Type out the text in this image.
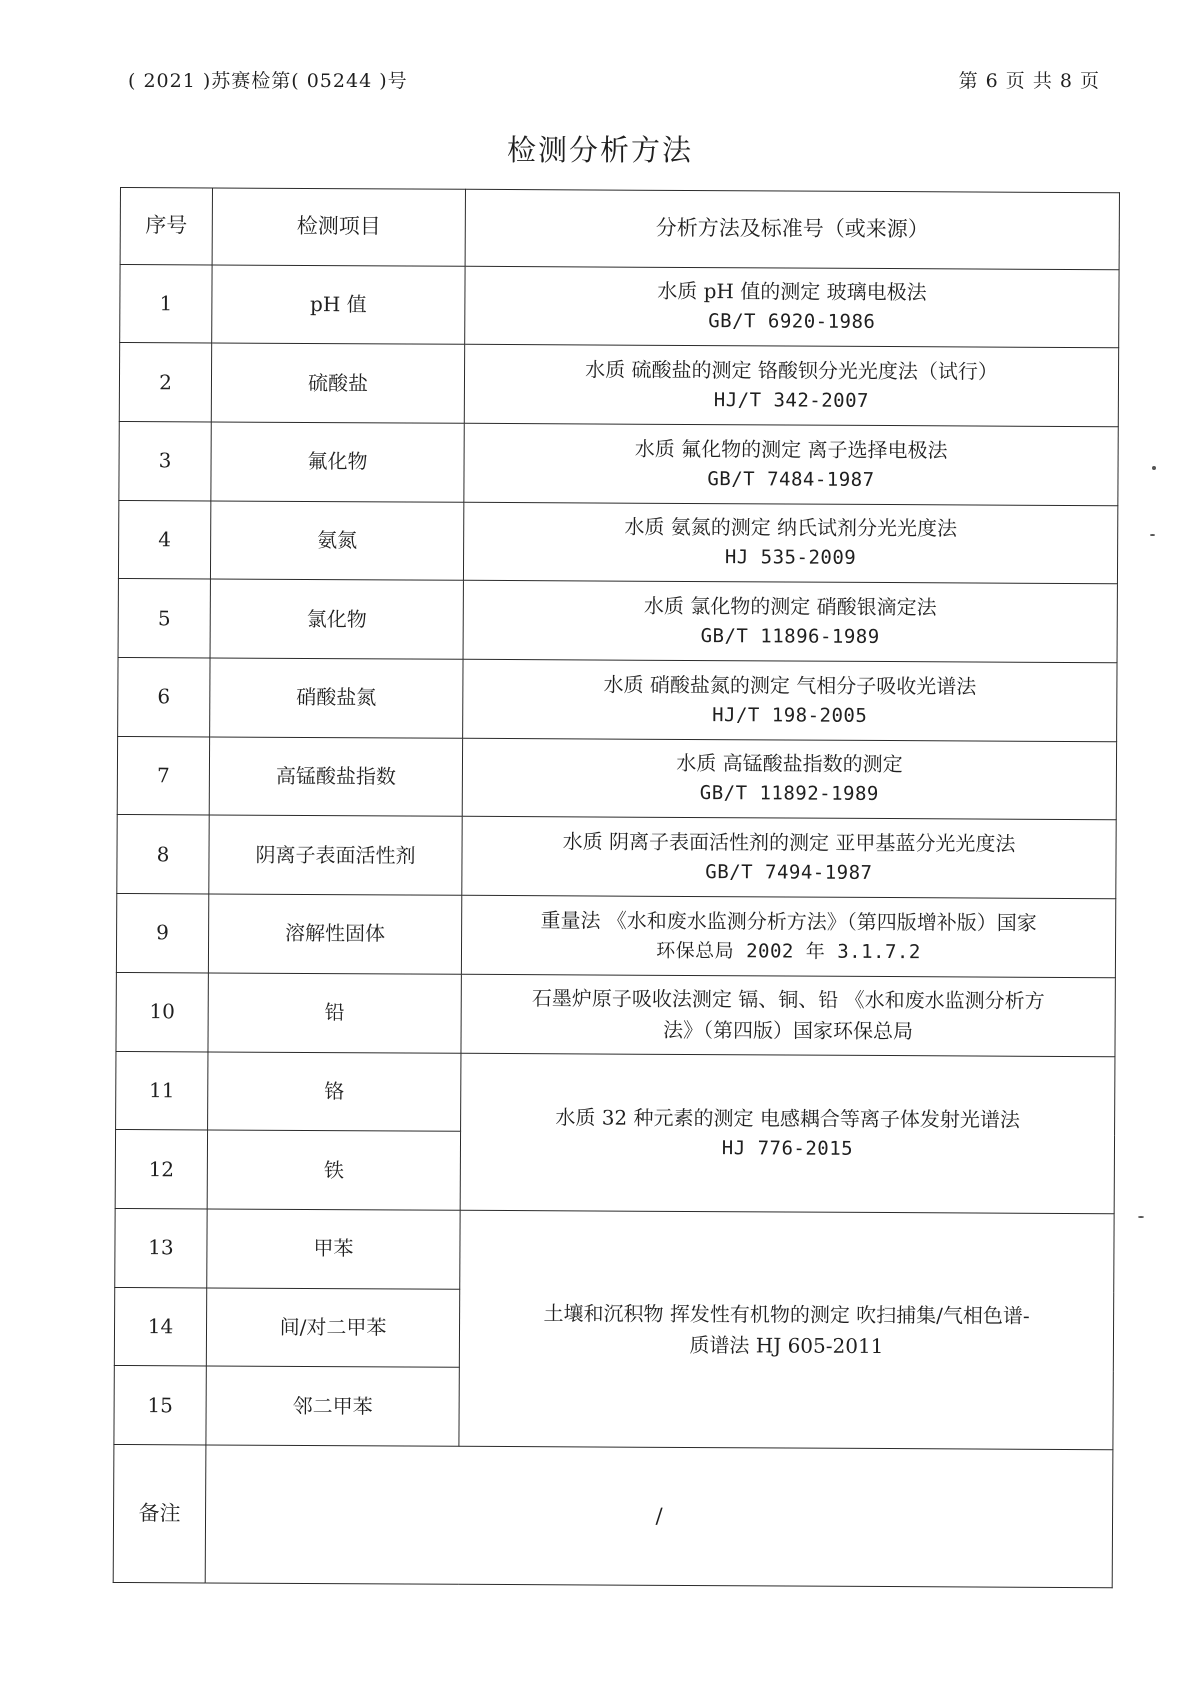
( 2021 )苏赛检第( 05244 )号	第 6 页 共 8 页
检测分析方法
序号	检测项目	分析方法及标准号（或来源）
1	pH 值	水质 pH 值的测定 玻璃电极法
GB/T 6920-1986

2	硫酸盐	水质 硫酸盐的测定 铬酸钡分光光度法（试行）
HJ/T 342-2007

3	氟化物	水质 氟化物的测定 离子选择电极法
GB/T 7484-1987

4	氨氮	水质 氨氮的测定 纳氏试剂分光光度法
HJ 535-2009

5	氯化物	水质 氯化物的测定 硝酸银滴定法
GB/T 11896-1989

6	硝酸盐氮	水质 硝酸盐氮的测定 气相分子吸收光谱法
HJ/T 198-2005

7	高锰酸盐指数	水质 高锰酸盐指数的测定
GB/T 11892-1989

8	阴离子表面活性剂	水质 阴离子表面活性剂的测定 亚甲基蓝分光光度法
GB/T 7494-1987

9	溶解性固体	重量法 《水和废水监测分析方法》（第四版增补版）国家
环保总局 2002 年 3.1.7.2

10	铅	石墨炉原子吸收法测定 镉、铜、铅 《水和废水监测分析方
法》（第四版）国家环保总局

11	铬	水质 32 种元素的测定 电感耦合等离子体发射光谱法
HJ 776-2015

12	铁	
13	甲苯	土壤和沉积物 挥发性有机物的测定 吹扫捕集/气相色谱-
质谱法 HJ 605-2011

14	间/对二甲苯	
15	邻二甲苯	
备注	/	
